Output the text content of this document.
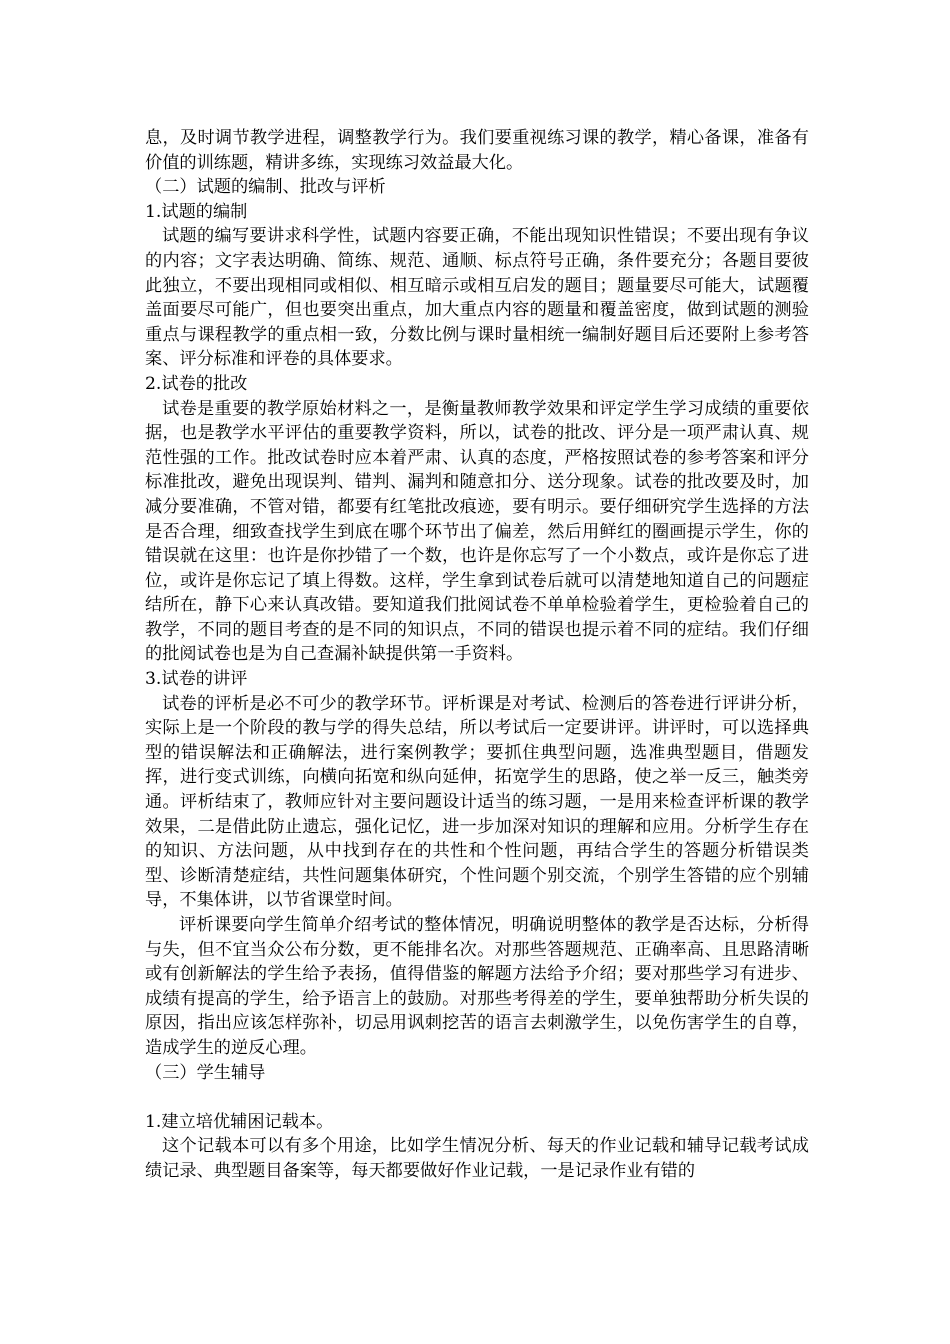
息，及时调节教学进程，调整教学行为。我们要重视练习课的教学，精心备课，准备有价值的训练题，精讲多练，实现练习效益最大化。

（二）试题的编制、批改与评析

1.试题的编制

试题的编写要讲求科学性，试题内容要正确，不能出现知识性错误；不要出现有争议的内容；文字表达明确、简练、规范、通顺、标点符号正确，条件要充分；各题目要彼此独立，不要出现相同或相似、相互暗示或相互启发的题目；题量要尽可能大，试题覆盖面要尽可能广，但也要突出重点，加大重点内容的题量和覆盖密度，做到试题的测验重点与课程教学的重点相一致，分数比例与课时量相统一编制好题目后还要附上参考答案、评分标准和评卷的具体要求。

2.试卷的批改

试卷是重要的教学原始材料之一，是衡量教师教学效果和评定学生学习成绩的重要依据，也是教学水平评估的重要教学资料，所以，试卷的批改、评分是一项严肃认真、规范性强的工作。批改试卷时应本着严肃、认真的态度，严格按照试卷的参考答案和评分标准批改，避免出现误判、错判、漏判和随意扣分、送分现象。试卷的批改要及时，加减分要准确，不管对错，都要有红笔批改痕迹，要有明示。要仔细研究学生选择的方法是否合理，细致查找学生到底在哪个环节出了偏差，然后用鲜红的圈画提示学生，你的错误就在这里：也许是你抄错了一个数，也许是你忘写了一个小数点，或许是你忘了进位，或许是你忘记了填上得数。这样，学生拿到试卷后就可以清楚地知道自己的问题症结所在，静下心来认真改错。要知道我们批阅试卷不单单检验着学生，更检验着自己的教学，不同的题目考查的是不同的知识点，不同的错误也提示着不同的症结。我们仔细的批阅试卷也是为自己查漏补缺提供第一手资料。

3.试卷的讲评

试卷的评析是必不可少的教学环节。评析课是对考试、检测后的答卷进行评讲分析，实际上是一个阶段的教与学的得失总结，所以考试后一定要讲评。讲评时，可以选择典型的错误解法和正确解法，进行案例教学；要抓住典型问题，选准典型题目，借题发挥，进行变式训练，向横向拓宽和纵向延伸，拓宽学生的思路，使之举一反三，触类旁通。评析结束了，教师应针对主要问题设计适当的练习题，一是用来检查评析课的教学效果，二是借此防止遗忘，强化记忆，进一步加深对知识的理解和应用。分析学生存在的知识、方法问题，从中找到存在的共性和个性问题，再结合学生的答题分析错误类型、诊断清楚症结，共性问题集体研究，个性问题个别交流，个别学生答错的应个别辅导，不集体讲，以节省课堂时间。

评析课要向学生简单介绍考试的整体情况，明确说明整体的教学是否达标，分析得与失，但不宜当众公布分数，更不能排名次。对那些答题规范、正确率高、且思路清晰或有创新解法的学生给予表扬，值得借鉴的解题方法给予介绍；要对那些学习有进步、成绩有提高的学生，给予语言上的鼓励。对那些考得差的学生，要单独帮助分析失误的原因，指出应该怎样弥补，切忌用讽刺挖苦的语言去刺激学生，以免伤害学生的自尊，造成学生的逆反心理。

（三）学生辅导

1.建立培优辅困记载本。

这个记载本可以有多个用途，比如学生情况分析、每天的作业记载和辅导记载考试成绩记录、典型题目备案等，每天都要做好作业记载，一是记录作业有错的
